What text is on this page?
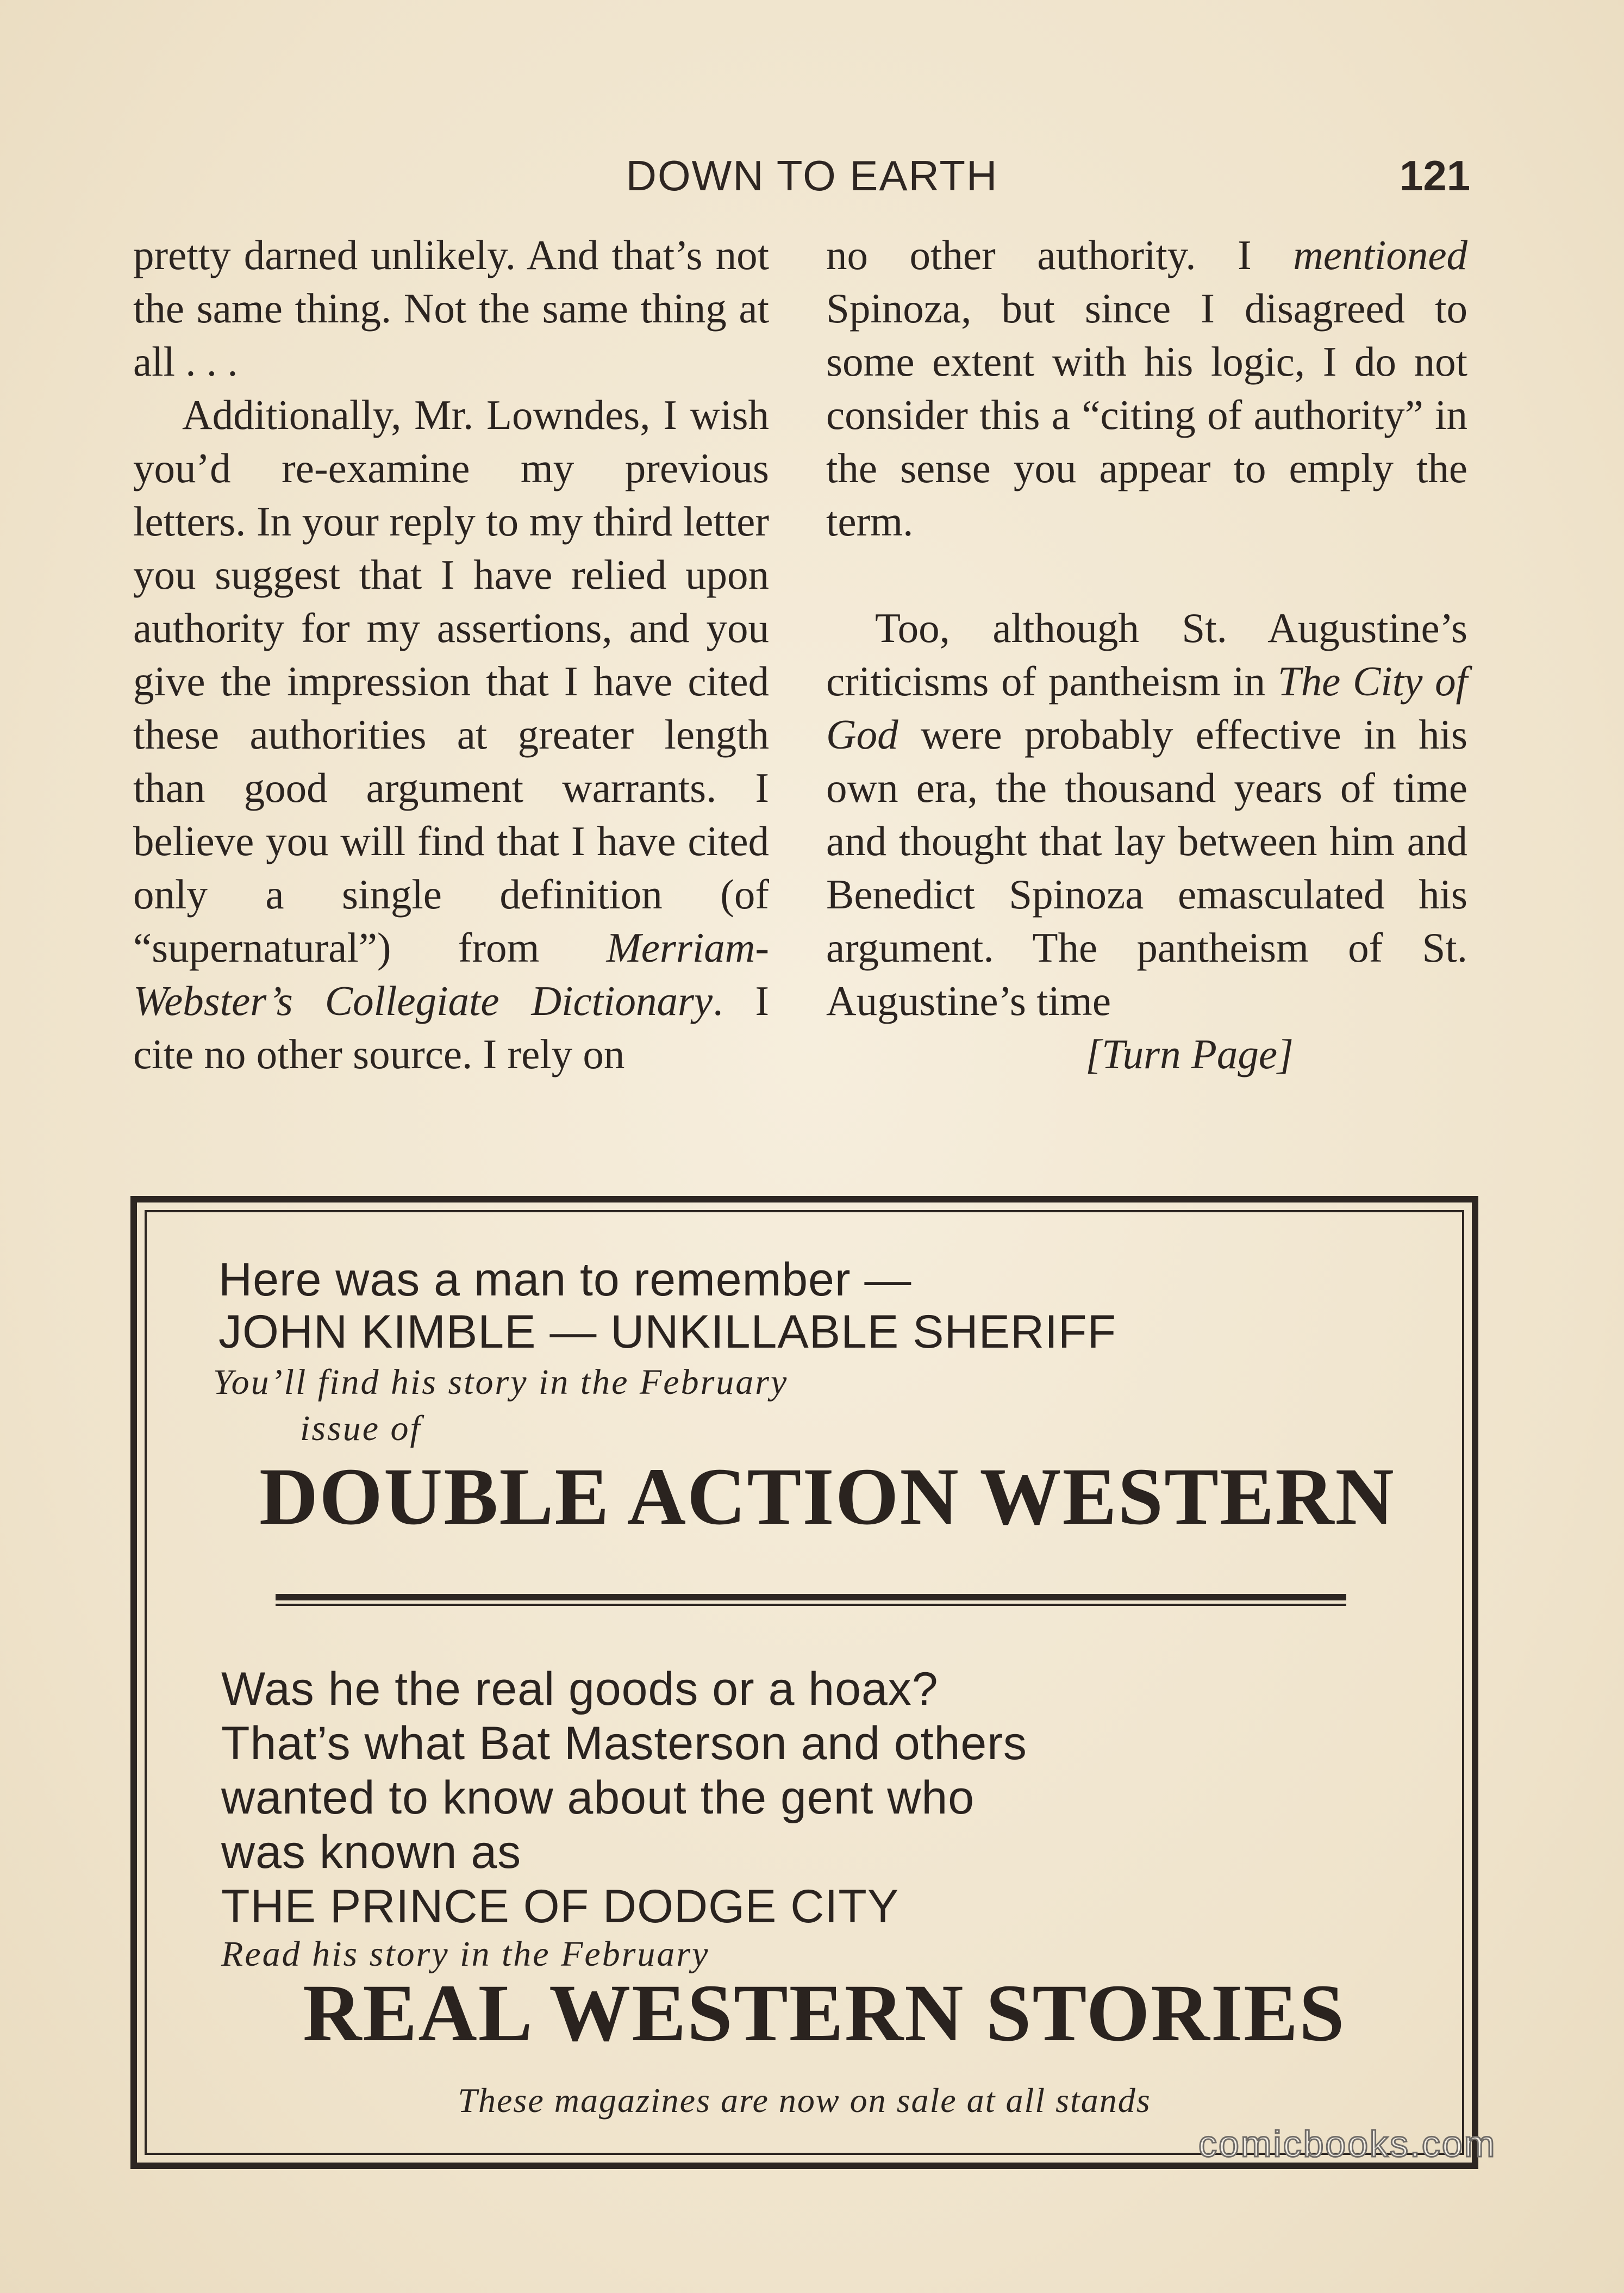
DOWN TO EARTH	121

pretty darned unlikely. And that’s not the same thing. Not the same thing at all . . .

Additionally, Mr. Lowndes, I wish you’d re-examine my previous letters. In your reply to my third letter you suggest that I have relied upon authority for my assertions, and you give the impression that I have cited these authorities at greater length than good argument warrants. I believe you will find that I have cited only a single definition (of “supernatural”) from Merriam-Webster’s Collegiate Dictionary. I cite no other source. I rely on

no other authority. I mentioned Spinoza, but since I disagreed to some extent with his logic, I do not consider this a “citing of authority” in the sense you appear to emply the term.

Too, although St. Augustine’s criticisms of pantheism in The City of God were probably effective in his own era, the thousand years of time and thought that lay between him and Benedict Spinoza emasculated his argument. The pantheism of St. Augustine’s time

[Turn Page]

Here was a man to remember —
JOHN KIMBLE — UNKILLABLE SHERIFF
You’ll find his story in the February
issue of
DOUBLE ACTION WESTERN
Was he the real goods or a hoax?
That’s what Bat Masterson and others
wanted to know about the gent who
was known as
THE PRINCE OF DODGE CITY
Read his story in the February
REAL WESTERN STORIES
These magazines are now on sale at all stands
comicbooks.com
